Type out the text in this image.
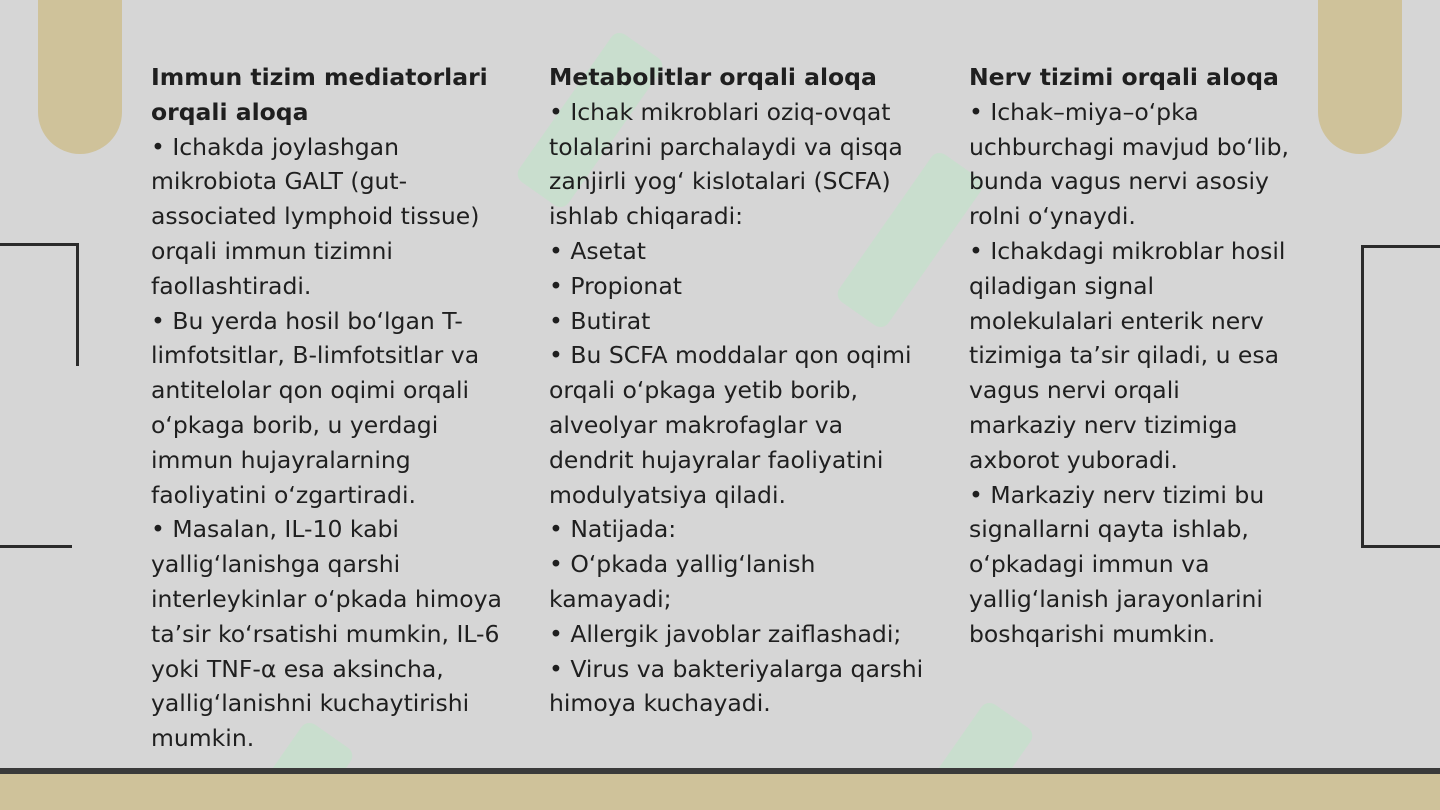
Immun tizim mediatorlari orqali aloqa
• Ichakda joylashgan mikrobiota GALT (gut-associated lymphoid tissue) orqali immun tizimni faollashtiradi.
• Bu yerda hosil bo‘lgan T-limfotsitlar, B-limfotsitlar va antitelolar qon oqimi orqali o‘pkaga borib, u yerdagi immun hujayralarning faoliyatini o‘zgartiradi.
• Masalan, IL-10 kabi yallig‘lanishga qarshi interleykinlar o‘pkada himoya ta’sir ko‘rsatishi mumkin, IL-6 yoki TNF-α esa aksincha, yallig‘lanishni kuchaytirishi mumkin.
Metabolitlar orqali aloqa
• Ichak mikroblari oziq-ovqat tolalarini parchalaydi va qisqa zanjirli yog‘ kislotalari (SCFA) ishlab chiqaradi:
• Asetat
• Propionat
• Butirat
• Bu SCFA moddalar qon oqimi orqali o‘pkaga yetib borib, alveolyar makrofaglar va dendrit hujayralar faoliyatini modulyatsiya qiladi.
• Natijada:
• O‘pkada yallig‘lanish kamayadi;
• Allergik javoblar zaiflashadi;
• Virus va bakteriyalarga qarshi himoya kuchayadi.
Nerv tizimi orqali aloqa
• Ichak–miya–o‘pka uchburchagi mavjud bo‘lib, bunda vagus nervi asosiy rolni o‘ynaydi.
• Ichakdagi mikroblar hosil qiladigan signal molekulalari enterik nerv tizimiga ta’sir qiladi, u esa vagus nervi orqali markaziy nerv tizimiga axborot yuboradi.
• Markaziy nerv tizimi bu signallarni qayta ishlab, o‘pkadagi immun va yallig‘lanish jarayonlarini boshqarishi mumkin.
